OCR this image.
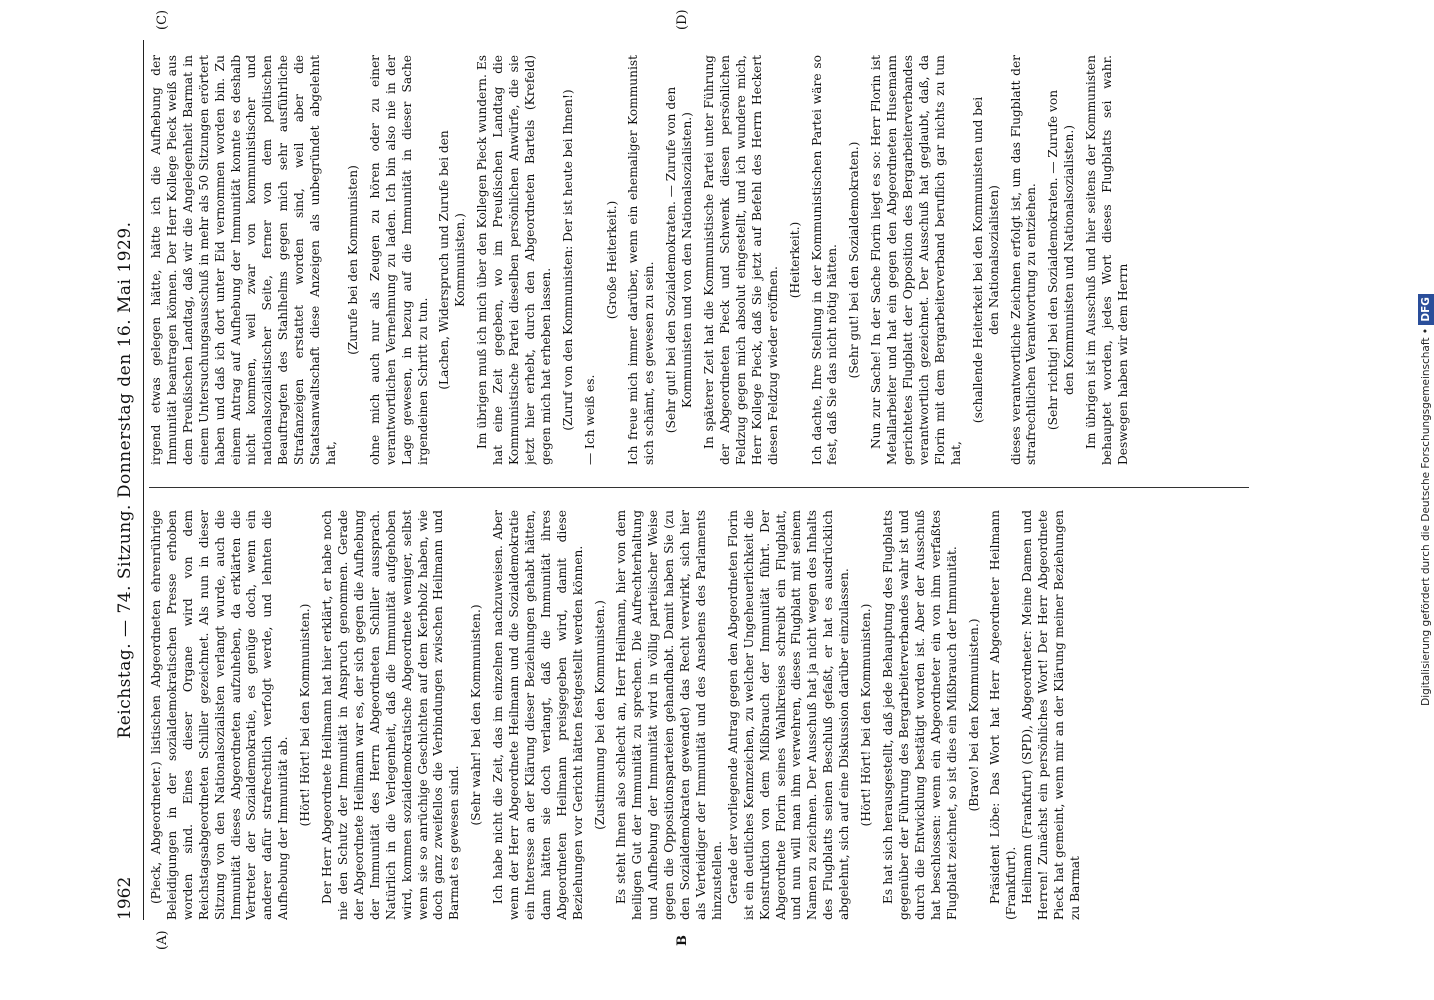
1962
Reichstag. — 74. Sitzung. Donnerstag den 16. Mai 1929. (Pieck, Abgeordneter.) listischen Abgeordneten ehrenrührige Beleidigungen in der sozialdemokratischen Presse erhoben worden sind. Eines dieser Organe wird von dem Reichstagsabgeordneten Schiller gezeichnet. Als nun in dieser Sitzung von den Nationalsozialisten verlangt wurde, auch die Immunität dieses Abgeordneten aufzuheben, da erklärten die Vertreter der Sozialdemokratie, es genüge doch, wenn ein anderer dafür strafrechtlich verfolgt werde, und lehnten die Aufhebung der Immunität ab.

(Hört! Hört! bei den Kommunisten.) Der Herr Abgeordnete Heilmann hat hier erklärt, er habe noch nie den Schutz der Immunität in Anspruch genommen. Gerade der Abgeordnete Heilmann war es, der sich gegen die Aufhebung der Immunität des Herrn Abgeordneten Schiller aussprach. Natürlich in die Verlegenheit, daß die Immunität aufgehoben wird, kommen sozialdemokratische Abgeordnete weniger, selbst wenn sie so anrüchige Geschichten auf dem Kerbholz haben, wie doch ganz zweifellos die Verbindungen zwischen Heilmann und Barmat es gewesen sind.

(Sehr wahr! bei den Kommunisten.) Ich habe nicht die Zeit, das im einzelnen nachzuweisen. Aber wenn der Herr Abgeordnete Heilmann und die Sozialdemokratie ein Interesse an der Klärung dieser Beziehungen gehabt hätten, dann hätten sie doch verlangt, daß die Immunität ihres Abgeordneten Heilmann preisgegeben wird, damit diese Beziehungen vor Gericht hätten festgestellt werden können. (Zustimmung bei den Kommunisten.) Es steht Ihnen also schlecht an, Herr Heilmann, hier von dem heiligen Gut der Immunität zu sprechen. Die Aufrechterhaltung und Aufhebung der Immunität wird in völlig parteiischer Weise gegen die Oppositionsparteien gehandhabt. Damit haben Sie (zu den Sozialdemokraten gewendet) das Recht verwirkt, sich hier als Verteidiger der Immunität und des Ansehens des Parlaments hinzustellen. Gerade der vorliegende Antrag gegen den Abgeordneten Florin ist ein deutliches Kennzeichen, zu welcher Ungeheuerlichkeit die Konstruktion von dem Mißbrauch der Immunität führt. Der Abgeordnete Florin seines Wahlkreises schreibt ein Flugblatt, und nun will man ihm verwehren, dieses Flugblatt mit seinem Namen zu zeichnen. Der Ausschuß hat ja nicht wegen des Inhalts des Flugblatts seinen Beschluß gefaßt, er hat es ausdrücklich abgelehnt, sich auf eine Diskussion darüber einzulassen. (Hört! Hört! bei den Kommunisten.) Es hat sich herausgestellt, daß jede Behauptung des Flugblatts gegenüber der Führung des Bergarbeiterverbandes wahr ist und durch die Entwicklung bestätigt worden ist. Aber der Ausschuß hat beschlossen: wenn ein Abgeordneter ein von ihm verfaßtes Flugblatt zeichnet, so ist dies ein Mißbrauch der Immunität. (Bravo! bei den Kommunisten.) Präsident Löbe: Das Wort hat Herr Abgeordneter Heilmann (Frankfurt). Heilmann (Frankfurt) (SPD), Abgeordneter: Meine Damen und Herren! Zunächst ein persönliches Wort! Der Herr Abgeordnete Pieck hat gemeint, wenn mir an der Klärung meiner Beziehungen zu Barmat

irgend etwas gelegen hätte, hätte ich die Aufhebung der Immunität beantragen können. Der Herr Kollege Pieck weiß aus dem Preußischen Landtag, daß wir die Angelegenheit Barmat in einem Untersuchungsausschuß in mehr als 50 Sitzungen erörtert haben und daß ich dort unter Eid vernommen worden bin. Zu einem Antrag auf Aufhebung der Immunität konnte es deshalb nicht kommen, weil zwar von kommunistischer und nationalsozialistischer Seite, ferner von dem politischen Beauftragten des Stahlhelms gegen mich sehr ausführliche Strafanzeigen erstattet worden sind, weil aber die Staatsanwaltschaft diese Anzeigen als unbegründet abgelehnt hat,

(Zurufe bei den Kommunisten) ohne mich auch nur als Zeugen zu hören oder zu einer verantwortlichen Vernehmung zu laden. Ich bin also nie in der Lage gewesen, in bezug auf die Immunität in dieser Sache irgendeinen Schritt zu tun. (Lachen, Widerspruch und Zurufe bei den Kommunisten.) Im übrigen muß ich mich über den Kollegen Pieck wundern. Es hat eine Zeit gegeben, wo im Preußischen Landtag die Kommunistische Partei dieselben persönlichen Anwürfe, die sie jetzt hier erhebt, durch den Abgeordneten Bartels (Krefeld) gegen mich hat erheben lassen. (Zuruf von den Kommunisten: Der ist heute bei Ihnen!) — Ich weiß es.

(Große Heiterkeit.) Ich freue mich immer darüber, wenn ein ehemaliger Kommunist sich schämt, es gewesen zu sein. (Sehr gut! bei den Sozialdemokraten. — Zurufe von den Kommunisten und von den Nationalsozialisten.) In späterer Zeit hat die Kommunistische Partei unter Führung der Abgeordneten Pieck und Schwenk diesen persönlichen Feldzug gegen mich absolut eingestellt, und ich wundere mich, Herr Kollege Pieck, daß Sie jetzt auf Befehl des Herrn Heckert diesen Feldzug wieder eröffnen.

(Heiterkeit.) Ich dachte, Ihre Stellung in der Kommunistischen Partei wäre so fest, daß Sie das nicht nötig hätten. (Sehr gut! bei den Sozialdemokraten.) Nun zur Sache! In der Sache Florin liegt es so: Herr Florin ist Metallarbeiter und hat ein gegen den Abgeordneten Husemann gerichtetes Flugblatt der Opposition des Bergarbeiterverbandes verantwortlich gezeichnet. Der Ausschuß hat geglaubt, daß, da Florin mit dem Bergarbeiterverband beruflich gar nichts zu tun hat,

(schallende Heiterkeit bei den Kommunisten und bei den Nationalsozialisten) dieses verantwortliche Zeichnen erfolgt ist, um das Flugblatt der strafrechtlichen Verantwortung zu entziehen. (Sehr richtig! bei den Sozialdemokraten. — Zurufe von den Kommunisten und Nationalsozialisten.) Im übrigen ist im Ausschuß und hier seitens der Kommunisten behauptet worden, jedes Wort dieses Flugblatts sei wahr. Deswegen haben wir dem Herrn

(A)	B
(C)	(D)
Digitalisierung gefördert durch die Deutsche Forschungsgemeinschaft • DFG
